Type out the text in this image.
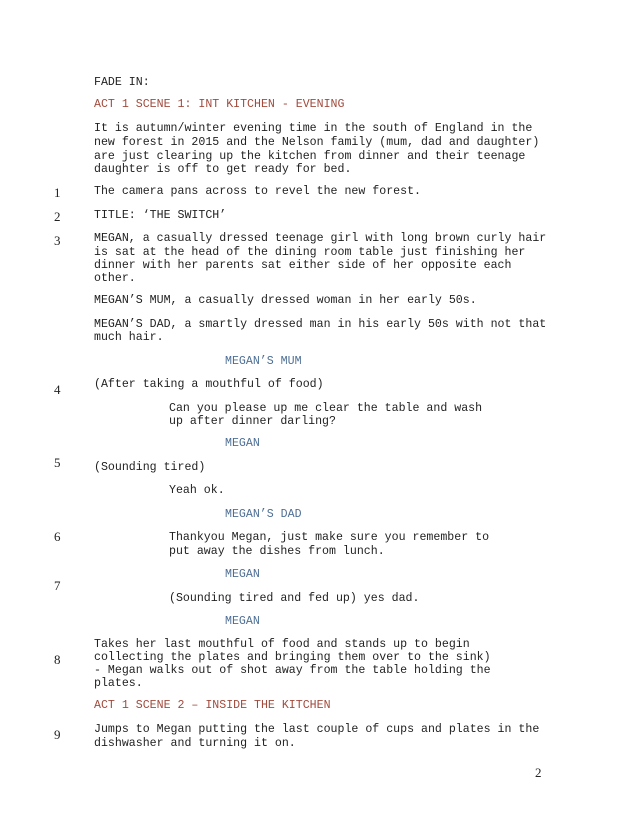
FADE IN:
ACT 1 SCENE 1: INT KITCHEN - EVENING
It is autumn/winter evening time in the south of England in the
new forest in 2015 and the Nelson family (mum, dad and daughter)
are just clearing up the kitchen from dinner and their teenage
daughter is off to get ready for bed.
1	The camera pans across to revel the new forest.
2	TITLE: ‘THE SWITCH’
3	MEGAN, a casually dressed teenage girl with long brown curly hair
is sat at the head of the dining room table just finishing her
dinner with her parents sat either side of her opposite each
other.
MEGAN’S MUM, a casually dressed woman in her early 50s.
MEGAN’S DAD, a smartly dressed man in his early 50s with not that
much hair.
MEGAN’S MUM
4	(After taking a mouthful of food)
Can you please up me clear the table and wash
up after dinner darling?
MEGAN
5	(Sounding tired)
Yeah ok.
MEGAN’S DAD
6	Thankyou Megan, just make sure you remember to
put away the dishes from lunch.
MEGAN
7
(Sounding tired and fed up) yes dad.
MEGAN
Takes her last mouthful of food and stands up to begin
collecting the plates and bringing them over to the sink)
8
- Megan walks out of shot away from the table holding the
plates.
ACT 1 SCENE 2 – INSIDE THE KITCHEN
9	Jumps to Megan putting the last couple of cups and plates in the
dishwasher and turning it on.
2
